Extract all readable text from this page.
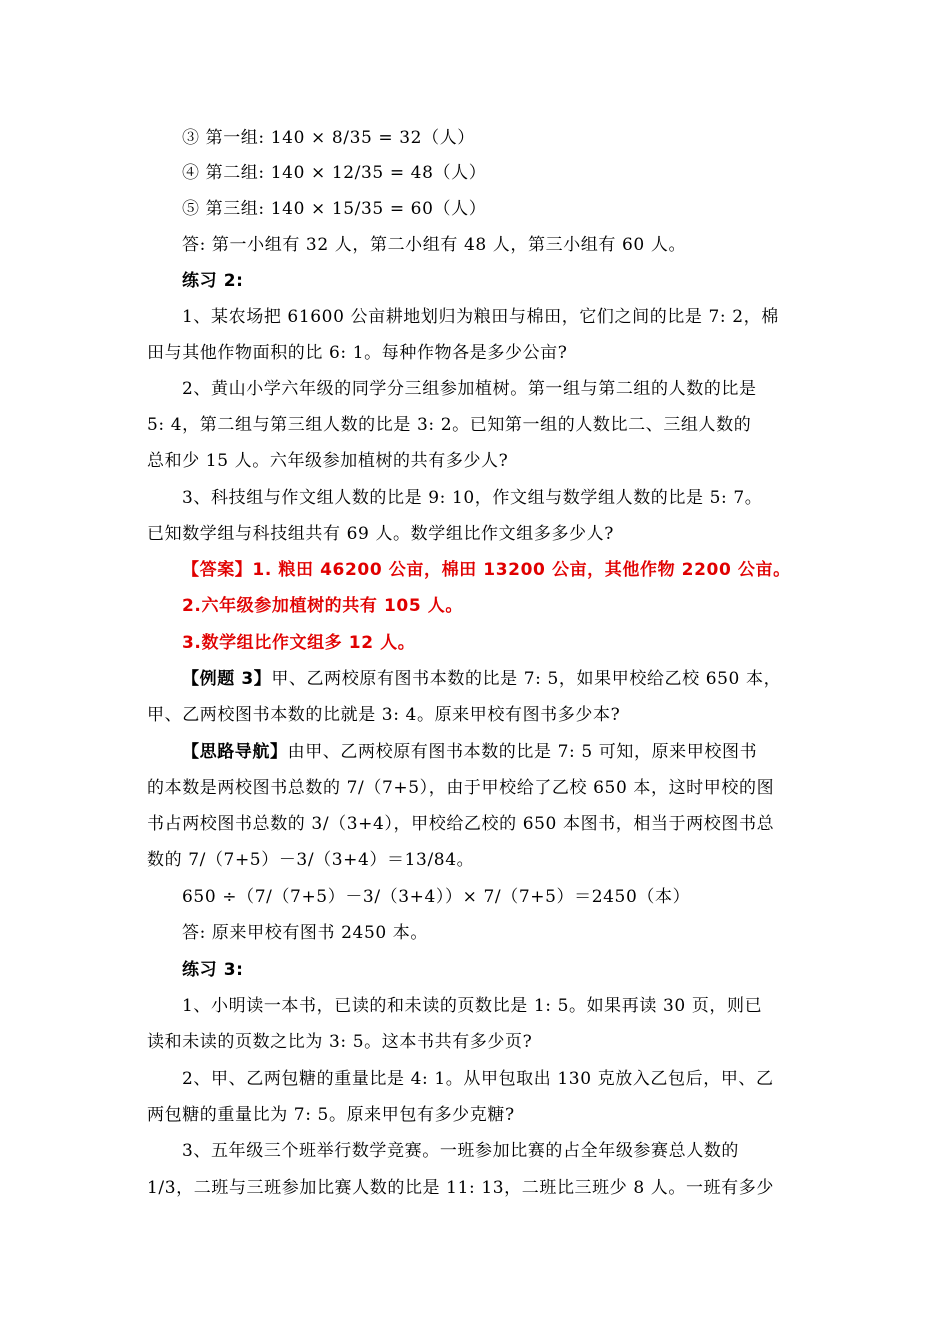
③ 第一组: 140 × 8/35 = 32（人）
④ 第二组: 140 × 12/35 = 48（人）
⑤ 第三组: 140 × 15/35 = 60（人）
答: 第一小组有 32 人，第二小组有 48 人，第三小组有 60 人。
练习 2:
1、某农场把 61600 公亩耕地划归为粮田与棉田，它们之间的比是 7: 2，棉
田与其他作物面积的比 6: 1。每种作物各是多少公亩?
2、黄山小学六年级的同学分三组参加植树。第一组与第二组的人数的比是
5: 4，第二组与第三组人数的比是 3: 2。已知第一组的人数比二、三组人数的
总和少 15 人。六年级参加植树的共有多少人?
3、科技组与作文组人数的比是 9: 10，作文组与数学组人数的比是 5: 7。
已知数学组与科技组共有 69 人。数学组比作文组多多少人?
【答案】1. 粮田 46200 公亩，棉田 13200 公亩，其他作物 2200 公亩。
2.六年级参加植树的共有 105 人。
3.数学组比作文组多 12 人。
【例题 3】甲、乙两校原有图书本数的比是 7: 5，如果甲校给乙校 650 本，
甲、乙两校图书本数的比就是 3: 4。原来甲校有图书多少本?
【思路导航】由甲、乙两校原有图书本数的比是 7: 5 可知，原来甲校图书
的本数是两校图书总数的 7/（7+5），由于甲校给了乙校 650 本，这时甲校的图
书占两校图书总数的 3/（3+4），甲校给乙校的 650 本图书，相当于两校图书总
数的 7/（7+5）－3/（3+4）＝13/84。
650 ÷（7/（7+5）－3/（3+4））× 7/（7+5）＝2450（本）
答: 原来甲校有图书 2450 本。
练习 3:
1、小明读一本书，已读的和未读的页数比是 1: 5。如果再读 30 页，则已
读和未读的页数之比为 3: 5。这本书共有多少页?
2、甲、乙两包糖的重量比是 4: 1。从甲包取出 130 克放入乙包后，甲、乙
两包糖的重量比为 7: 5。原来甲包有多少克糖?
3、五年级三个班举行数学竞赛。一班参加比赛的占全年级参赛总人数的
1/3，二班与三班参加比赛人数的比是 11: 13，二班比三班少 8 人。一班有多少
